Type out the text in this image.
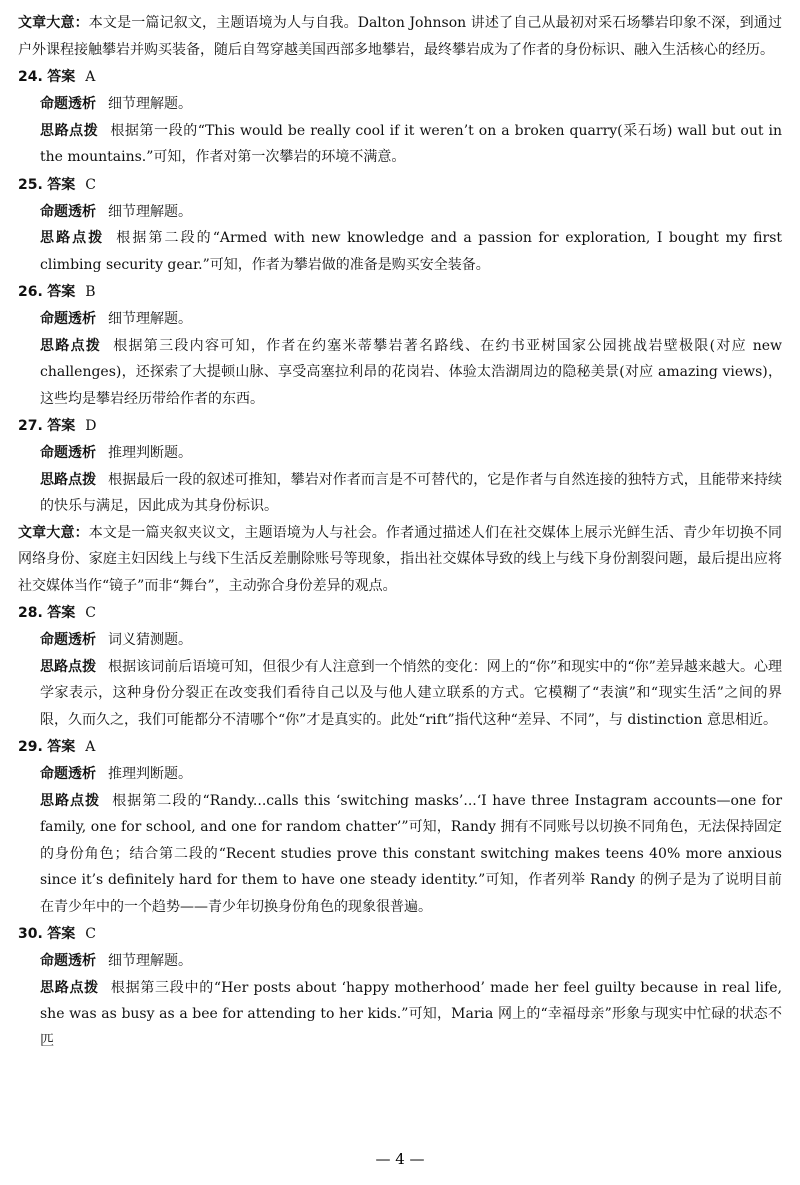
文章大意：本文是一篇记叙文，主题语境为人与自我。Dalton Johnson 讲述了自己从最初对采石场攀岩印象不深，到通过户外课程接触攀岩并购买装备，随后自驾穿越美国西部多地攀岩，最终攀岩成为了作者的身份标识、融入生活核心的经历。

24. 答案 A

命题透析 细节理解题。

思路点拨 根据第一段的“This would be really cool if it weren’t on a broken quarry(采石场) wall but out in the mountains.”可知，作者对第一次攀岩的环境不满意。

25. 答案 C

命题透析 细节理解题。

思路点拨 根据第二段的“Armed with new knowledge and a passion for exploration, I bought my first climbing security gear.”可知，作者为攀岩做的准备是购买安全装备。

26. 答案 B

命题透析 细节理解题。

思路点拨 根据第三段内容可知，作者在约塞米蒂攀岩著名路线、在约书亚树国家公园挑战岩壁极限(对应 new challenges)，还探索了大提顿山脉、享受高塞拉利昂的花岗岩、体验太浩湖周边的隐秘美景(对应 amazing views)，这些均是攀岩经历带给作者的东西。

27. 答案 D

命题透析 推理判断题。

思路点拨 根据最后一段的叙述可推知，攀岩对作者而言是不可替代的，它是作者与自然连接的独特方式，且能带来持续的快乐与满足，因此成为其身份标识。

文章大意：本文是一篇夹叙夹议文，主题语境为人与社会。作者通过描述人们在社交媒体上展示光鲜生活、青少年切换不同网络身份、家庭主妇因线上与线下生活反差删除账号等现象，指出社交媒体导致的线上与线下身份割裂问题，最后提出应将社交媒体当作“镜子”而非“舞台”，主动弥合身份差异的观点。

28. 答案 C

命题透析 词义猜测题。

思路点拨 根据该词前后语境可知，但很少有人注意到一个悄然的变化：网上的“你”和现实中的“你”差异越来越大。心理学家表示，这种身份分裂正在改变我们看待自己以及与他人建立联系的方式。它模糊了“表演”和“现实生活”之间的界限，久而久之，我们可能都分不清哪个“你”才是真实的。此处“rift”指代这种“差异、不同”，与 distinction 意思相近。

29. 答案 A

命题透析 推理判断题。

思路点拨 根据第二段的“Randy...calls this ‘switching masks’...‘I have three Instagram accounts—one for family, one for school, and one for random chatter’”可知，Randy 拥有不同账号以切换不同角色，无法保持固定的身份角色；结合第二段的“Recent studies prove this constant switching makes teens 40% more anxious since it’s definitely hard for them to have one steady identity.”可知，作者列举 Randy 的例子是为了说明目前在青少年中的一个趋势——青少年切换身份角色的现象很普遍。

30. 答案 C

命题透析 细节理解题。

思路点拨 根据第三段中的“Her posts about ‘happy motherhood’ made her feel guilty because in real life, she was as busy as a bee for attending to her kids.”可知，Maria 网上的“幸福母亲”形象与现实中忙碌的状态不匹

— 4 —
